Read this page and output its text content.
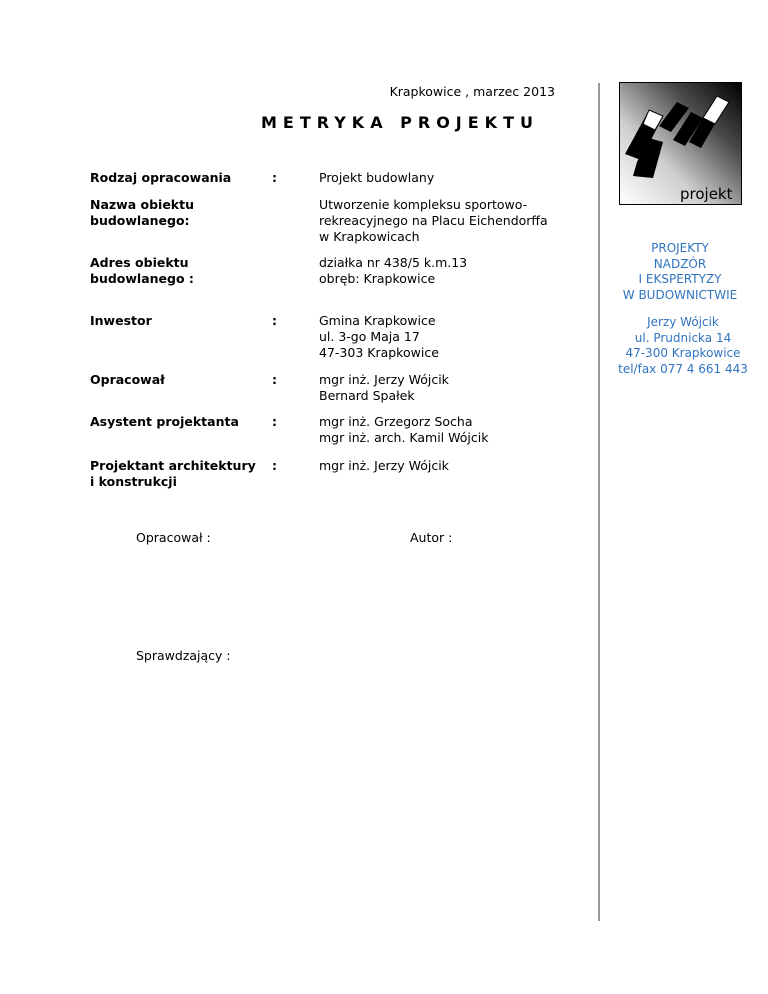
Krapkowice , marzec 2013
METRYKA PROJEKTU
Rodzaj opracowania	:	Projekt budowlany
Nazwa obiektu budowlanego:
Utworzenie kompleksu sportowo-
rekreacyjnego na Placu Eichendorffa
w Krapkowicach
Adres obiektu budowlanego :
działka nr 438/5 k.m.13
obręb: Krapkowice
Inwestor	:	Gmina Krapkowice
ul. 3-go Maja 17
47-303 Krapkowice
Opracował	:	mgr inż. Jerzy Wójcik
Bernard Spałek
Asystent projektanta	:	mgr inż. Grzegorz Socha
mgr inż. arch. Kamil Wójcik
Projektant architektury
i konstrukcji
:	mgr inż. Jerzy Wójcik
Opracował :	Autor :
Sprawdzający :
projekt
PROJEKTY
NADZÓR
I EKSPERTYZY
W BUDOWNICTWIE
Jerzy Wójcik
ul. Prudnicka 14
47-300 Krapkowice
tel/fax 077 4 661 443
